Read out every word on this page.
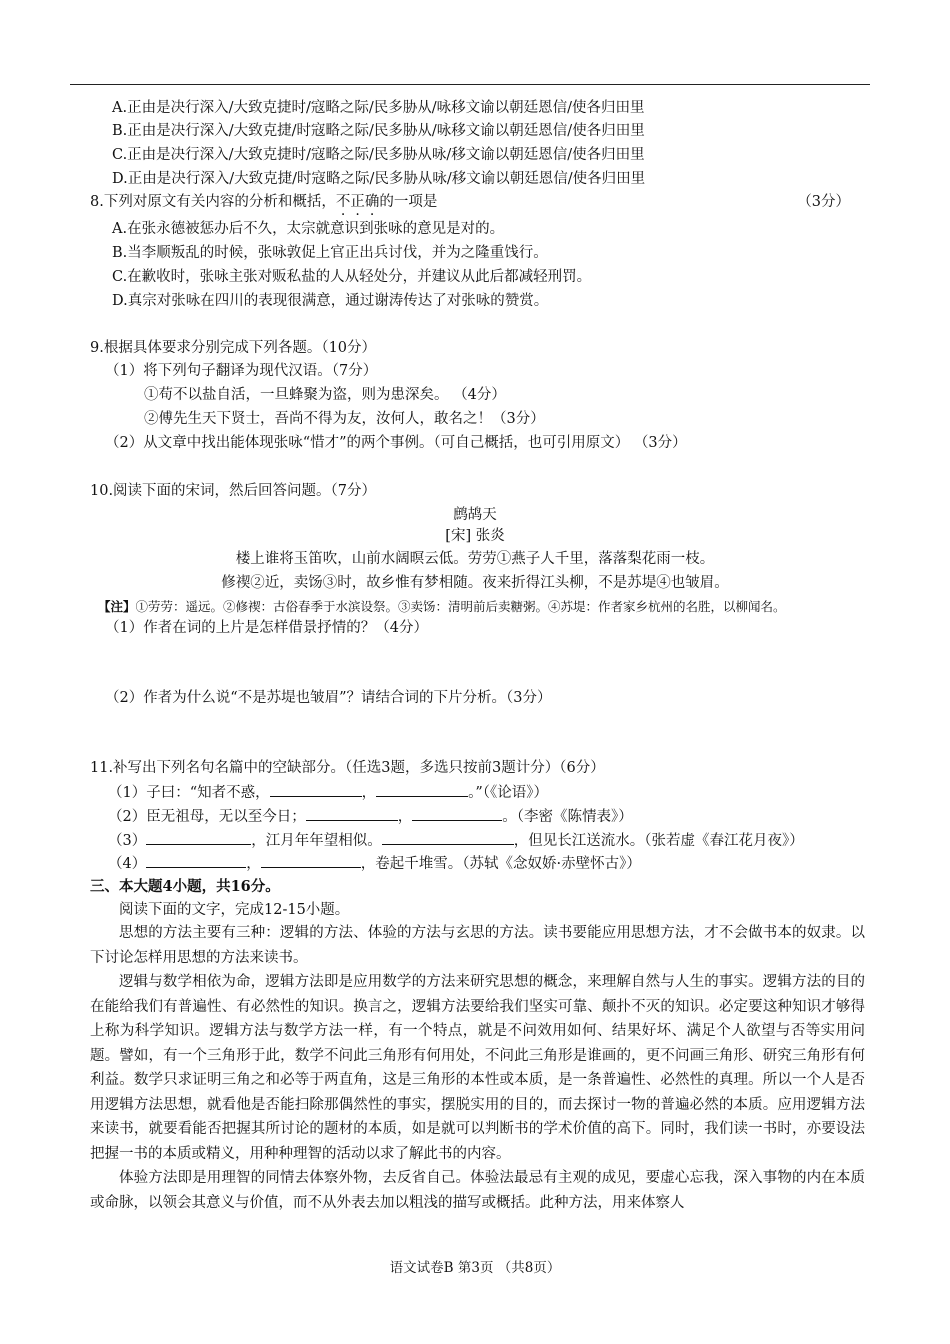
A.正由是决行深入/大致克捷时/寇略之际/民多胁从/咏移文谕以朝廷恩信/使各归田里
B.正由是决行深入/大致克捷/时寇略之际/民多胁从/咏移文谕以朝廷恩信/使各归田里
C.正由是决行深入/大致克捷时/寇略之际/民多胁从咏/移文谕以朝廷恩信/使各归田里
D.正由是决行深入/大致克捷/时寇略之际/民多胁从咏/移文谕以朝廷恩信/使各归田里
8.下列对原文有关内容的分析和概括，不正确的一项是	（3分）
A.在张永德被惩办后不久，太宗就意识到张咏的意见是对的。
B.当李顺叛乱的时候，张咏敦促上官正出兵讨伐，并为之隆重饯行。
C.在歉收时，张咏主张对贩私盐的人从轻处分，并建议从此后都减轻刑罚。
D.真宗对张咏在四川的表现很满意，通过谢涛传达了对张咏的赞赏。
9.根据具体要求分别完成下列各题。（10分）
（1）将下列句子翻译为现代汉语。（7分）
①苟不以盐自活，一旦蜂聚为盗，则为患深矣。 （4分）
②傅先生天下贤士，吾尚不得为友，汝何人，敢名之！（3分）
（2）从文章中找出能体现张咏“惜才”的两个事例。（可自己概括，也可引用原文） （3分）
10.阅读下面的宋词，然后回答问题。（7分）
鹧鸪天
[宋] 张炎
楼上谁将玉笛吹，山前水阔暝云低。劳劳①燕子人千里，落落梨花雨一枝。
修禊②近，卖饧③时，故乡惟有梦相随。夜来折得江头柳，不是苏堤④也皱眉。
【注】①劳劳：遥远。②修禊：古俗春季于水滨设祭。③卖饧：清明前后卖糖粥。④苏堤：作者家乡杭州的名胜，以柳闻名。
（1）作者在词的上片是怎样借景抒情的？（4分）
（2）作者为什么说“不是苏堤也皱眉”？请结合词的下片分析。（3分）
11.补写出下列名句名篇中的空缺部分。（任选3题，多选只按前3题计分）（6分）
（1）子曰：“知者不惑，	，	。”（《论语》）
（2）臣无祖母，无以至今日；	，	。（李密《陈情表》）
（3）	，江月年年望相似。	，但见长江送流水。（张若虚《春江花月夜》）
（4）	，	，卷起千堆雪。（苏轼《念奴娇·赤壁怀古》）
三、本大题4小题，共16分。
阅读下面的文字，完成12-15小题。

思想的方法主要有三种：逻辑的方法、体验的方法与玄思的方法。读书要能应用思想方法，才不会做书本的奴隶。以下讨论怎样用思想的方法来读书。

逻辑与数学相依为命，逻辑方法即是应用数学的方法来研究思想的概念，来理解自然与人生的事实。逻辑方法的目的在能给我们有普遍性、有必然性的知识。换言之，逻辑方法要给我们坚实可靠、颠扑不灭的知识。必定要这种知识才够得上称为科学知识。逻辑方法与数学方法一样，有一个特点，就是不问效用如何、结果好坏、满足个人欲望与否等实用问题。譬如，有一个三角形于此，数学不问此三角形有何用处，不问此三角形是谁画的，更不问画三角形、研究三角形有何利益。数学只求证明三角之和必等于两直角，这是三角形的本性或本质，是一条普遍性、必然性的真理。所以一个人是否用逻辑方法思想，就看他是否能扫除那偶然性的事实，摆脱实用的目的，而去探讨一物的普遍必然的本质。应用逻辑方法来读书，就要看能否把握其所讨论的题材的本质，如是就可以判断书的学术价值的高下。同时，我们读一书时，亦要设法把握一书的本质或精义，用种种理智的活动以求了解此书的内容。

体验方法即是用理智的同情去体察外物，去反省自己。体验法最忌有主观的成见，要虚心忘我，深入事物的内在本质或命脉，以领会其意义与价值，而不从外表去加以粗浅的描写或概括。此种方法，用来体察人

语文试卷B 第3页 （共8页）
